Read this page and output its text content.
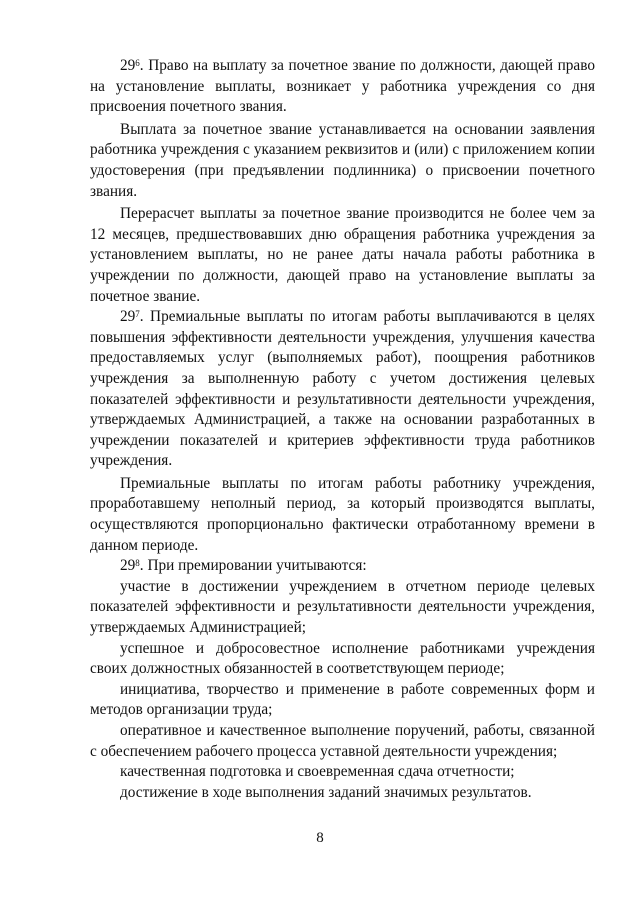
$29^6$. Право на выплату за почетное звание по должности, дающей право на установление выплаты, возникает у работника учреждения со дня присвоения почетного звания.

Выплата за почетное звание устанавливается на основании заявления работника учреждения с указанием реквизитов и (или) с приложением копии удостоверения (при предъявлении подлинника) о присвоении почетного звания.

Перерасчет выплаты за почетное звание производится не более чем за 12 месяцев, предшествовавших дню обращения работника учреждения за установлением выплаты, но не ранее даты начала работы работника в учреждении по должности, дающей право на установление выплаты за почетное звание.

$29^7$. Премиальные выплаты по итогам работы выплачиваются в целях повышения эффективности деятельности учреждения, улучшения качества предоставляемых услуг (выполняемых работ), поощрения работников учреждения за выполненную работу с учетом достижения целевых показателей эффективности и результативности деятельности учреждения, утверждаемых Администрацией, а также на основании разработанных в учреждении показателей и критериев эффективности труда работников учреждения.

Премиальные выплаты по итогам работы работнику учреждения, проработавшему неполный период, за который производятся выплаты, осуществляются пропорционально фактически отработанному времени в данном периоде.

$29^8$. При премировании учитываются:

участие в достижении учреждением в отчетном периоде целевых показателей эффективности и результативности деятельности учреждения, утверждаемых Администрацией;

успешное и добросовестное исполнение работниками учреждения своих должностных обязанностей в соответствующем периоде;

инициатива, творчество и применение в работе современных форм и методов организации труда;

оперативное и качественное выполнение поручений, работы, связанной с обеспечением рабочего процесса уставной деятельности учреждения;

качественная подготовка и своевременная сдача отчетности;

достижение в ходе выполнения заданий значимых результатов.

8
